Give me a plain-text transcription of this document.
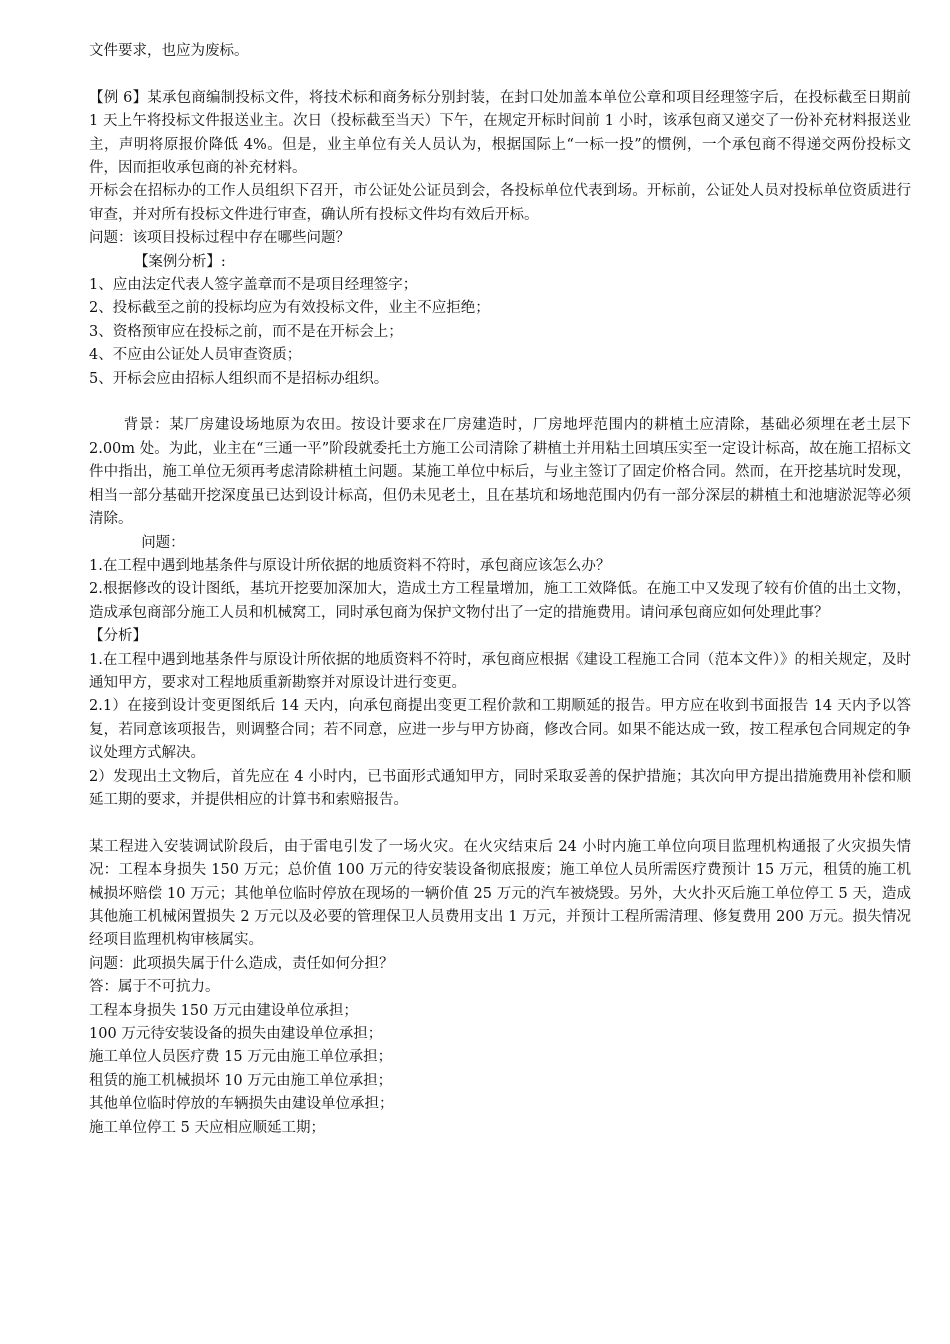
文件要求，也应为废标。

【例 6】某承包商编制投标文件，将技术标和商务标分别封装，在封口处加盖本单位公章和项目经理签字后，在投标截至日期前 1 天上午将投标文件报送业主。次日（投标截至当天）下午，在规定开标时间前 1 小时，该承包商又递交了一份补充材料报送业主，声明将原报价降低 4%。但是，业主单位有关人员认为，根据国际上“一标一投”的惯例，一个承包商不得递交两份投标文件，因而拒收承包商的补充材料。

开标会在招标办的工作人员组织下召开，市公证处公证员到会，各投标单位代表到场。开标前，公证处人员对投标单位资质进行审查，并对所有投标文件进行审查，确认所有投标文件均有效后开标。

问题：该项目投标过程中存在哪些问题？

【案例分析】:

1、应由法定代表人签字盖章而不是项目经理签字；

2、投标截至之前的投标均应为有效投标文件，业主不应拒绝；

3、资格预审应在投标之前，而不是在开标会上；

4、不应由公证处人员审查资质；

5、开标会应由招标人组织而不是招标办组织。

背景：某厂房建设场地原为农田。按设计要求在厂房建造时，厂房地坪范围内的耕植土应清除，基础必须埋在老土层下 2.00m 处。为此，业主在“三通一平”阶段就委托土方施工公司清除了耕植土并用粘土回填压实至一定设计标高，故在施工招标文件中指出，施工单位无须再考虑清除耕植土问题。某施工单位中标后，与业主签订了固定价格合同。然而，在开挖基坑时发现，相当一部分基础开挖深度虽已达到设计标高，但仍未见老土，且在基坑和场地范围内仍有一部分深层的耕植土和池塘淤泥等必须清除。

问题：

1.在工程中遇到地基条件与原设计所依据的地质资料不符时，承包商应该怎么办？

2.根据修改的设计图纸，基坑开挖要加深加大，造成土方工程量增加，施工工效降低。在施工中又发现了较有价值的出土文物，造成承包商部分施工人员和机械窝工，同时承包商为保护文物付出了一定的措施费用。请问承包商应如何处理此事？

【分析】

1.在工程中遇到地基条件与原设计所依据的地质资料不符时，承包商应根据《建设工程施工合同（范本文件）》的相关规定，及时通知甲方，要求对工程地质重新勘察并对原设计进行变更。

2.1）在接到设计变更图纸后 14 天内，向承包商提出变更工程价款和工期顺延的报告。甲方应在收到书面报告 14 天内予以答复，若同意该项报告，则调整合同；若不同意，应进一步与甲方协商，修改合同。如果不能达成一致，按工程承包合同规定的争议处理方式解决。

2）发现出土文物后，首先应在 4 小时内，已书面形式通知甲方，同时采取妥善的保护措施；其次向甲方提出措施费用补偿和顺延工期的要求，并提供相应的计算书和索赔报告。

某工程进入安装调试阶段后，由于雷电引发了一场火灾。在火灾结束后 24 小时内施工单位向项目监理机构通报了火灾损失情况：工程本身损失 150 万元；总价值 100 万元的待安装设备彻底报废；施工单位人员所需医疗费预计 15 万元，租赁的施工机械损坏赔偿 10 万元；其他单位临时停放在现场的一辆价值 25 万元的汽车被烧毁。另外，大火扑灭后施工单位停工 5 天，造成其他施工机械闲置损失 2 万元以及必要的管理保卫人员费用支出 1 万元，并预计工程所需清理、修复费用 200 万元。损失情况经项目监理机构审核属实。

问题：此项损失属于什么造成，责任如何分担？

答：属于不可抗力。

工程本身损失 150 万元由建设单位承担；

100 万元待安装设备的损失由建设单位承担；

施工单位人员医疗费 15 万元由施工单位承担；

租赁的施工机械损坏 10 万元由施工单位承担；

其他单位临时停放的车辆损失由建设单位承担；

施工单位停工 5 天应相应顺延工期；
